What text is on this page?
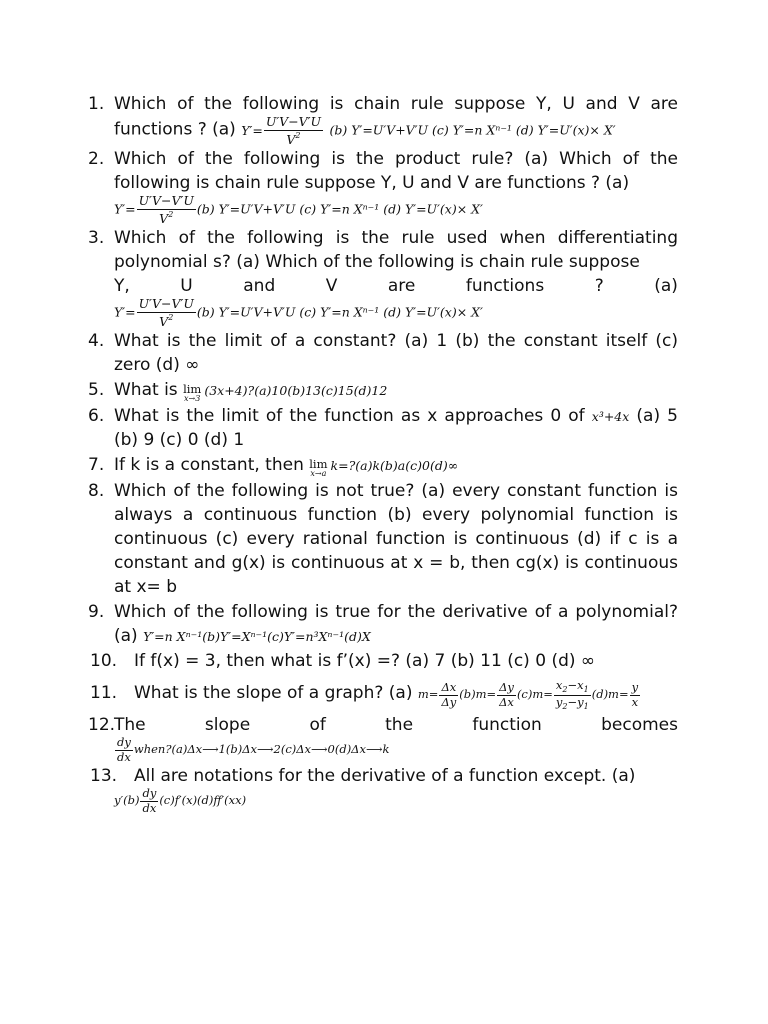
1. Which of the following is chain rule suppose Y, U and V are functions ? (a) $Y'= \frac{U'V-V'U}{V^2} (b)$ Y′=U′V+V′U (c) Y′=n Xⁿ⁻¹ (d) Y′=U′(x)× X′
2. Which of the following is the product rule? (a) Which of the following is chain rule suppose Y, U and V are functions ? (a)
$Y'= \frac{U'V-V'U}{V^2} (b)$ Y′=U′V+V′U (c) Y′=n Xⁿ⁻¹ (d) Y′=U′(x)× X′
3. Which of the following is the rule used when differentiating polynomial s? (a) Which of the following is chain rule suppose
Y,	U	and	V	are	functions	?	(a)
$Y'= \frac{U'V-V'U}{V^2} (b)$ Y′=U′V+V′U (c) Y′=n Xⁿ⁻¹ (d) Y′=U′(x)× X′
4. What is the limit of a constant? (a) 1 (b) the constant itself (c) zero (d) ∞
5. What is lim
x→3
(3x+4)?(a)10(b)13(c)15(d)12
6. What is the limit of the function as x approaches 0 of x³+4x (a) 5 (b) 9 (c) 0 (d) 1
7. If k is a constant, then lim
x→a
k=?(a)k(b)a(c)0(d)∞
8. Which of the following is not true? (a) every constant function is always a continuous function (b) every polynomial function is continuous (c) every rational function is continuous (d) if c is a constant and g(x) is continuous at x = b, then cg(x) is continuous at x= b
9. Which of the following is true for the derivative of a polynomial? (a) Y′=n Xⁿ⁻¹(b)Y′=Xⁿ⁻¹(c)Y′=n³Xⁿ⁻¹(d)X
10. If f(x) = 3, then what is f’(x) =? (a) 7 (b) 11 (c) 0 (d) ∞
11. What is the slope of a graph? (a) $m= \frac{\Delta x}{\Delta y} (b)m= \frac{\Delta y}{\Delta x} (c)m= \frac{x_2-x_1}{y_2-y_1} (d)m= \frac{y}{x}$
12.
The	slope	of	the	function	becomes
$\frac{dy}{dx}$ when?(a)Δx⟶1(b)Δx⟶2(c)Δx⟶0(d)Δx⟶k
13. All are notations for the derivative of a function except. (a)
$y'(b) \frac{dy}{dx} (c)f'(x)(d)ff'(xx)$
